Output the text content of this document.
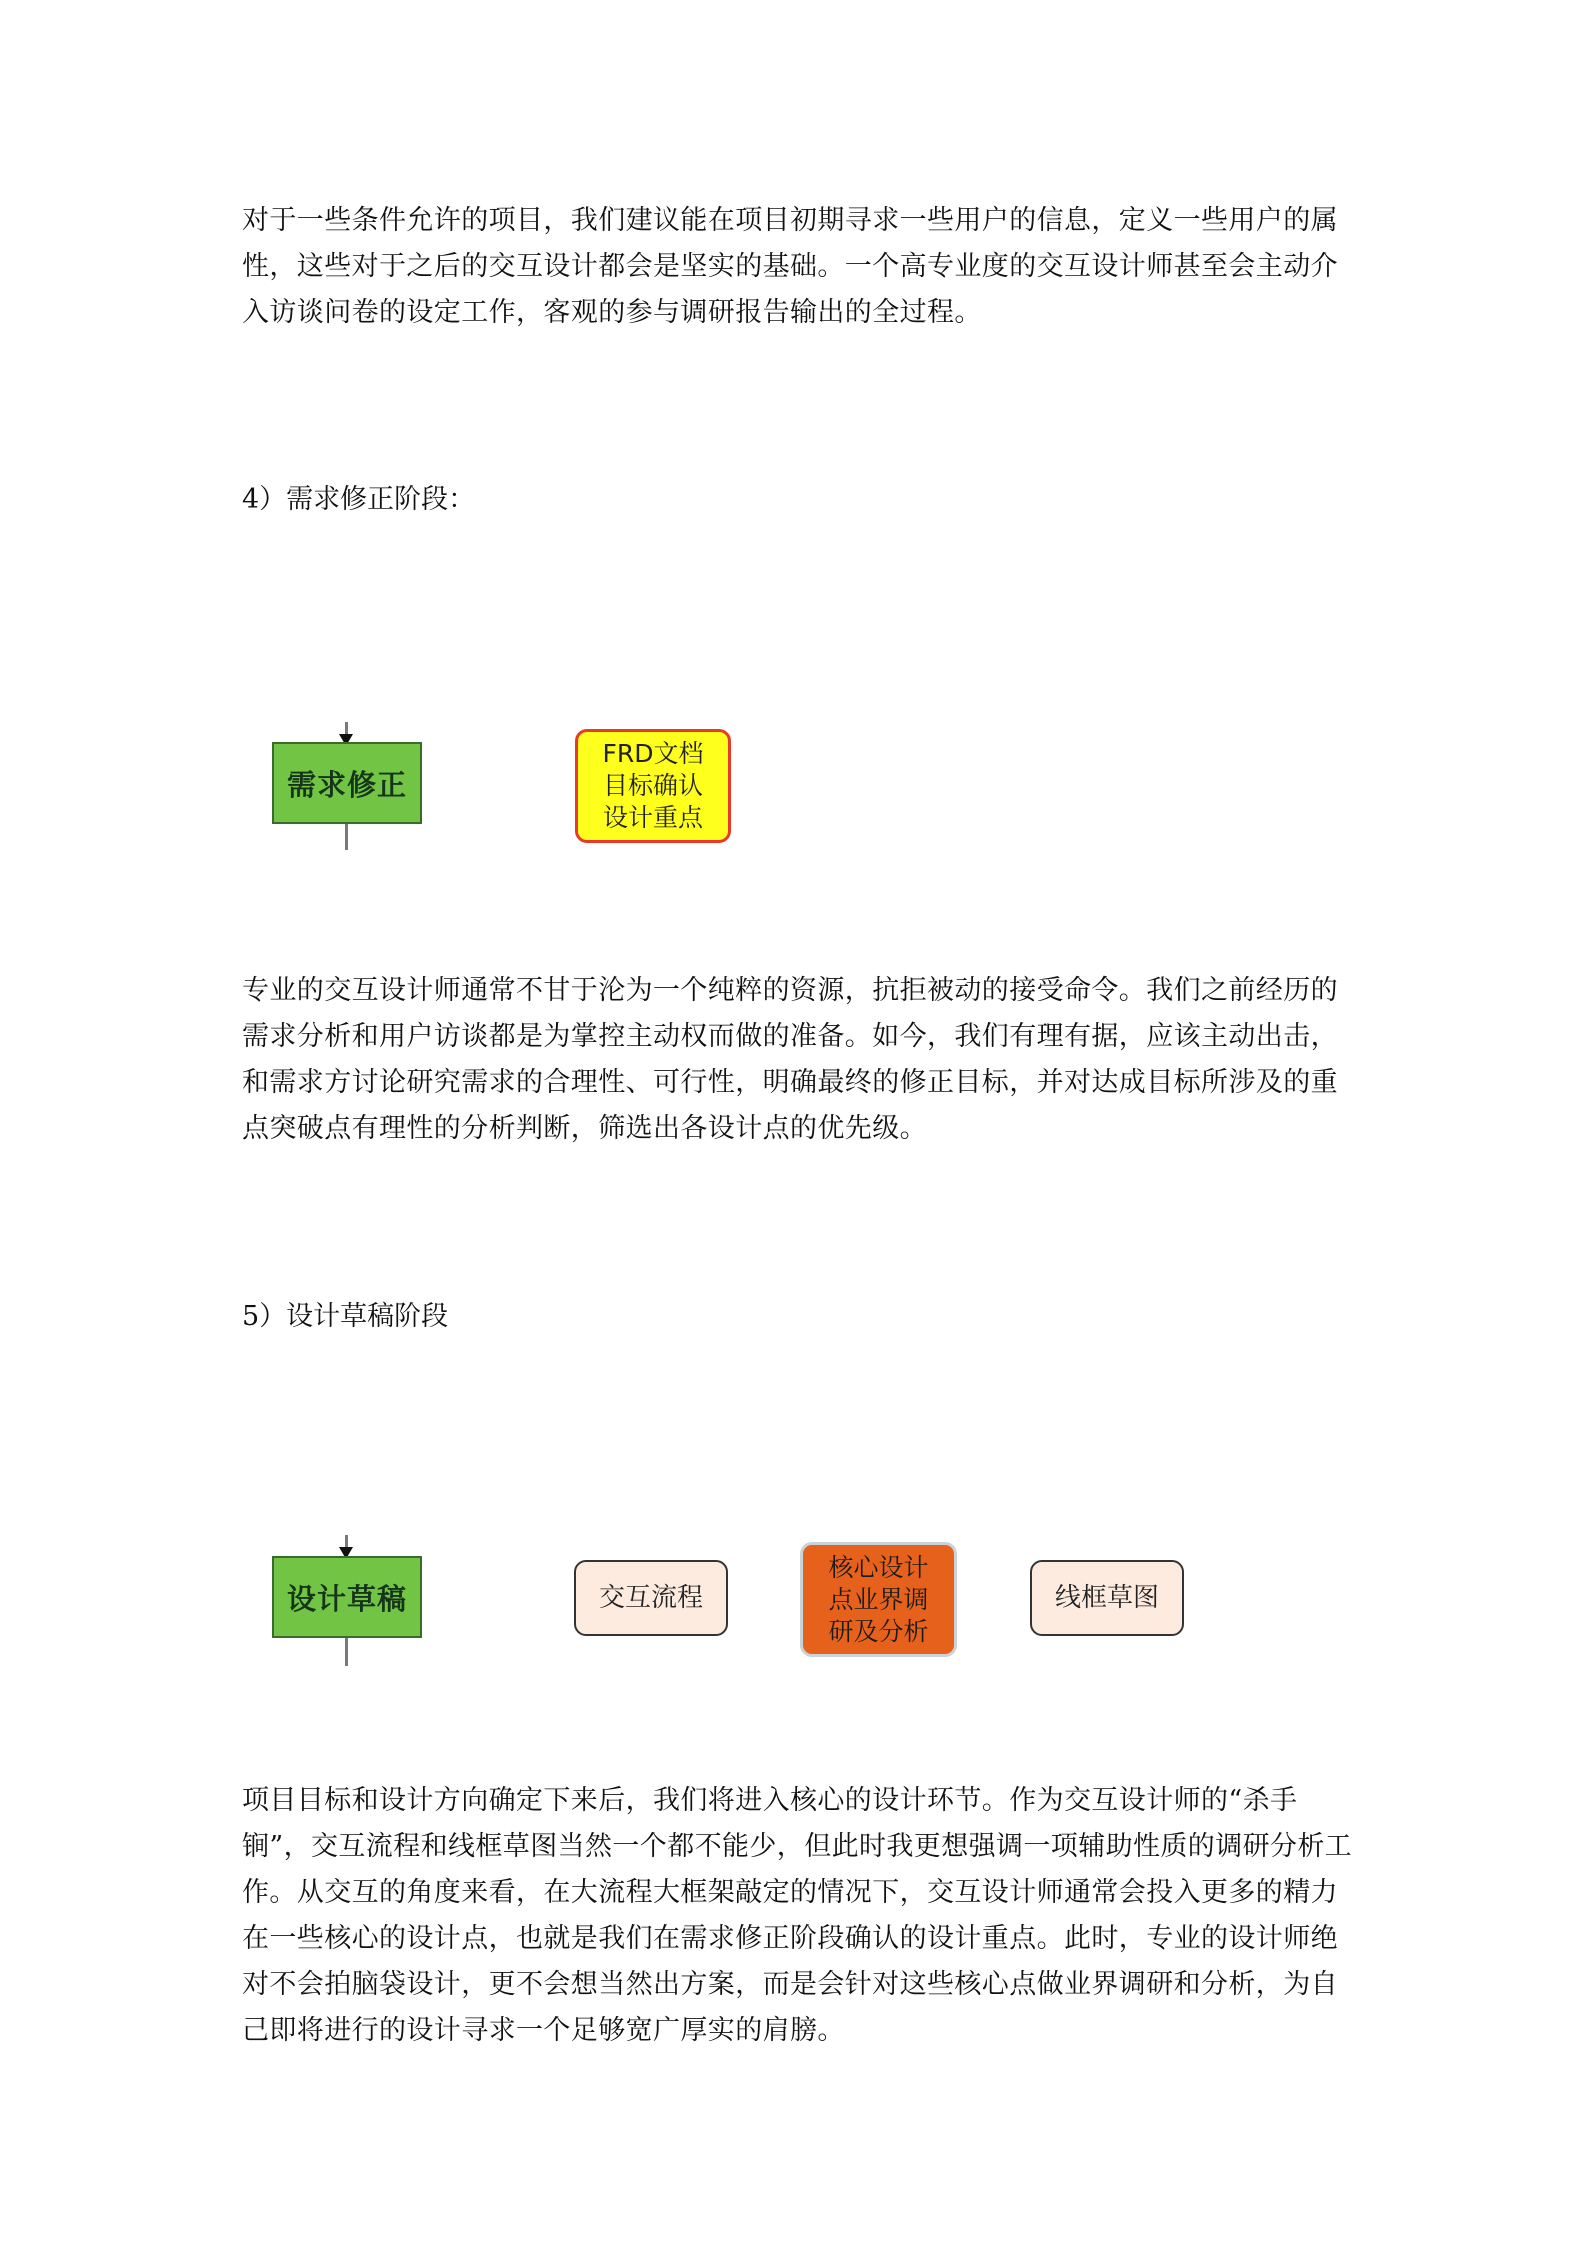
对于一些条件允许的项目，我们建议能在项目初期寻求一些用户的信息，定义一些用户的属性，这些对于之后的交互设计都会是坚实的基础。一个高专业度的交互设计师甚至会主动介入访谈问卷的设定工作，客观的参与调研报告输出的全过程。

4）需求修正阶段：

需求修正
FRD文档
目标确认
设计重点

专业的交互设计师通常不甘于沦为一个纯粹的资源，抗拒被动的接受命令。我们之前经历的需求分析和用户访谈都是为掌控主动权而做的准备。如今，我们有理有据，应该主动出击，和需求方讨论研究需求的合理性、可行性，明确最终的修正目标，并对达成目标所涉及的重点突破点有理性的分析判断，筛选出各设计点的优先级。

5）设计草稿阶段

设计草稿	交互流程
核心设计
点业界调
研及分析
线框草图

项目目标和设计方向确定下来后，我们将进入核心的设计环节。作为交互设计师的“杀手锏”，交互流程和线框草图当然一个都不能少，但此时我更想强调一项辅助性质的调研分析工作。从交互的角度来看，在大流程大框架敲定的情况下，交互设计师通常会投入更多的精力在一些核心的设计点，也就是我们在需求修正阶段确认的设计重点。此时，专业的设计师绝对不会拍脑袋设计，更不会想当然出方案，而是会针对这些核心点做业界调研和分析，为自己即将进行的设计寻求一个足够宽广厚实的肩膀。
